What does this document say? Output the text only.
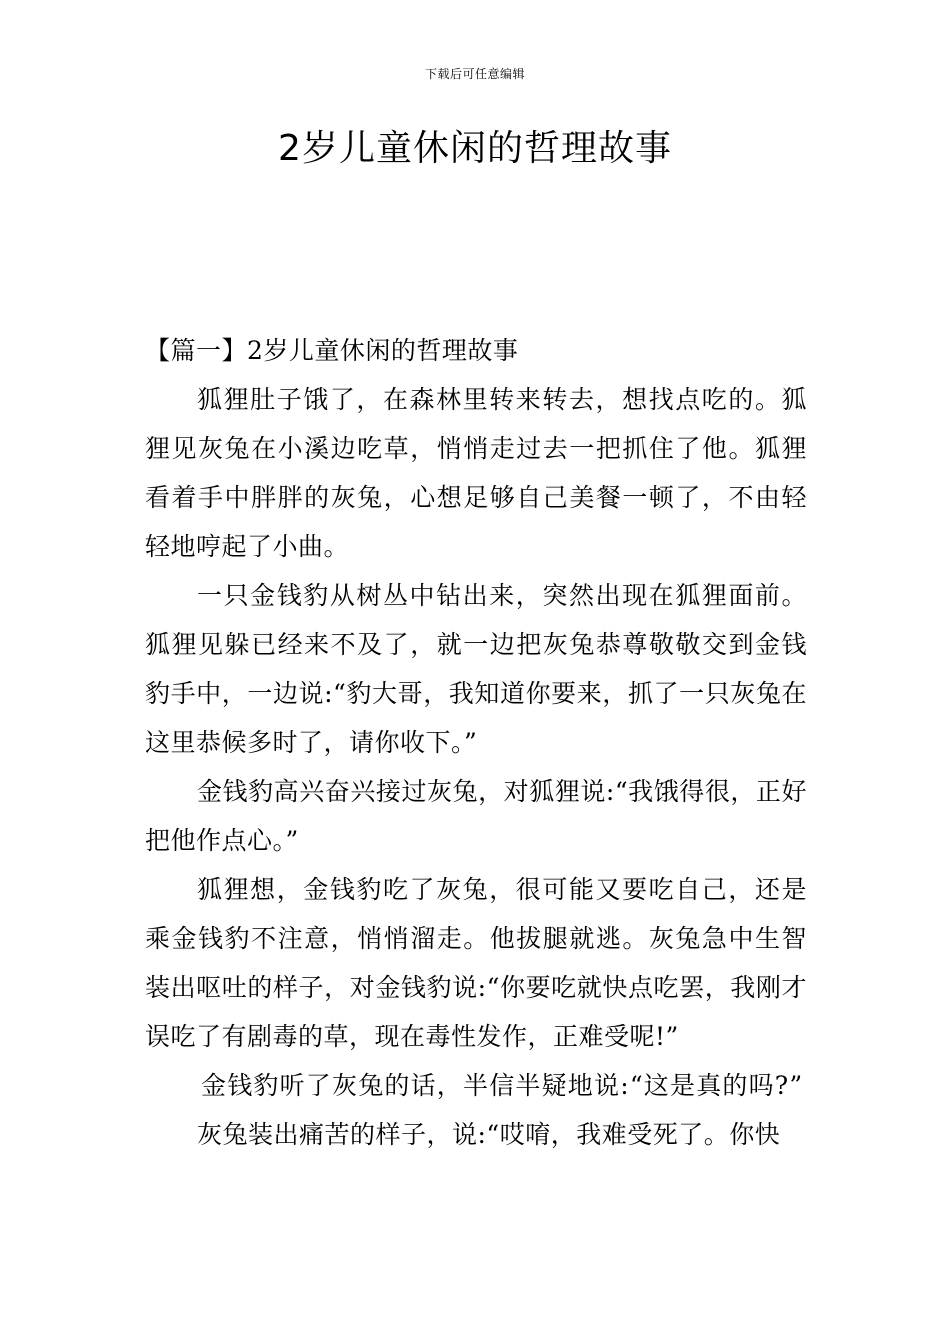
下载后可任意编辑
2岁儿童休闲的哲理故事

【篇一】2岁儿童休闲的哲理故事

狐狸肚子饿了，在森林里转来转去，想找点吃的。狐狸见灰兔在小溪边吃草，悄悄走过去一把抓住了他。狐狸看着手中胖胖的灰兔，心想足够自己美餐一顿了，不由轻轻地哼起了小曲。

一只金钱豹从树丛中钻出来，突然出现在狐狸面前。狐狸见躲已经来不及了，就一边把灰兔恭尊敬敬交到金钱豹手中，一边说:“豹大哥，我知道你要来，抓了一只灰兔在这里恭候多时了，请你收下。”

金钱豹高兴奋兴接过灰兔，对狐狸说:“我饿得很，正好把他作点心。”

狐狸想，金钱豹吃了灰兔，很可能又要吃自己，还是乘金钱豹不注意，悄悄溜走。他拔腿就逃。灰兔急中生智装出呕吐的样子，对金钱豹说:“你要吃就快点吃罢，我刚才误吃了有剧毒的草，现在毒性发作，正难受呢!”

金钱豹听了灰兔的话，半信半疑地说:“这是真的吗?”

灰兔装出痛苦的样子，说:“哎唷，我难受死了。你快
